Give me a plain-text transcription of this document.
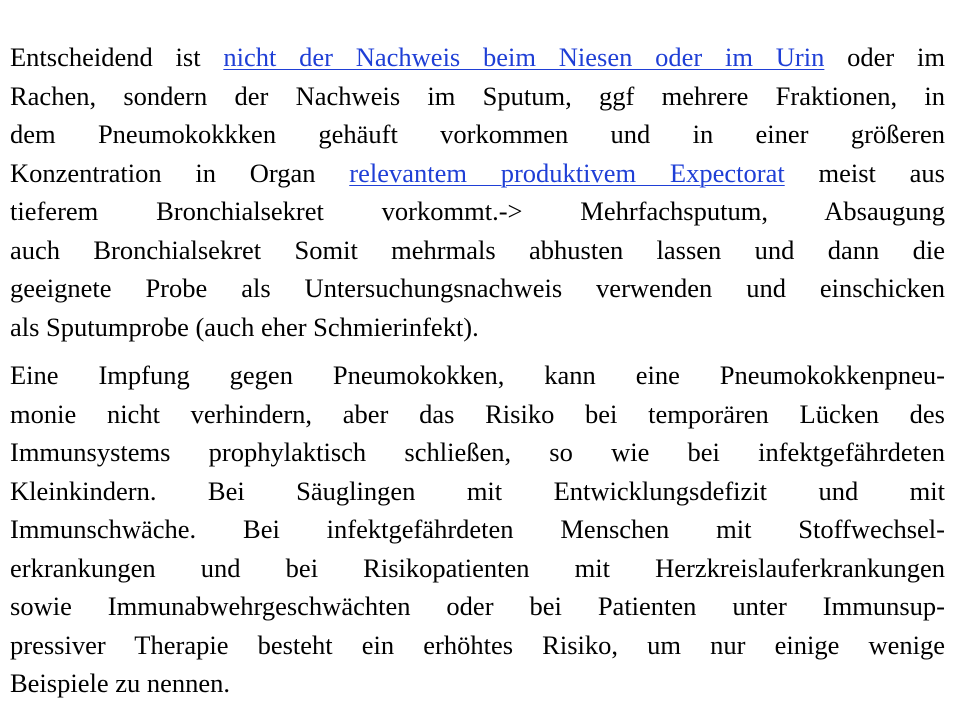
Entscheidend ist nicht der Nachweis beim Niesen oder im Urin oder im
Rachen, sondern der Nachweis im Sputum, ggf mehrere Fraktionen, in
dem Pneumokokkken gehäuft vorkommen und in einer größeren
Konzentration in Organ relevantem produktivem Expectorat meist aus
tieferem Bronchialsekret vorkommt.-> Mehrfachsputum, Absaugung
auch Bronchialsekret Somit mehrmals abhusten lassen und dann die
geeignete Probe als Untersuchungsnachweis verwenden und einschicken
als Sputumprobe (auch eher Schmierinfekt).

Eine Impfung gegen Pneumokokken, kann eine Pneumokokkenpneu-
monie nicht verhindern, aber das Risiko bei temporären Lücken des
Immunsystems prophylaktisch schließen, so wie bei infektgefährdeten
Kleinkindern. Bei Säuglingen mit Entwicklungsdefizit und mit
Immunschwäche. Bei infektgefährdeten Menschen mit Stoffwechsel-
erkrankungen und bei Risikopatienten mit Herzkreislauferkrankungen
sowie Immunabwehrgeschwächten oder bei Patienten unter Immunsup-
pressiver Therapie besteht ein erhöhtes Risiko, um nur einige wenige
Beispiele zu nennen.
